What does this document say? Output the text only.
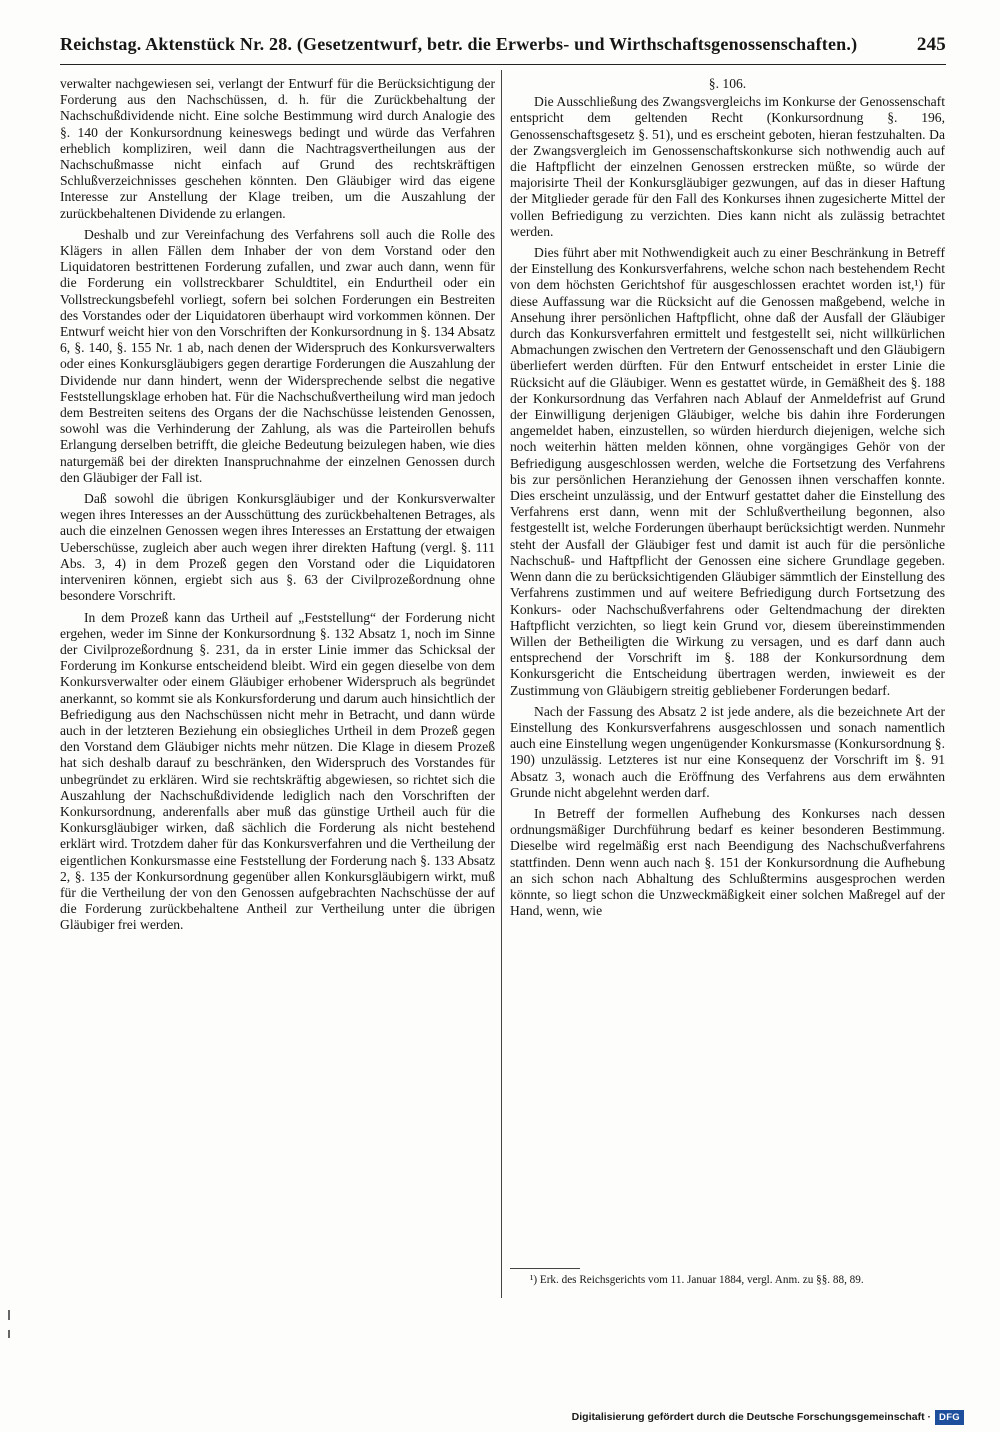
Reichstag. Aktenstück Nr. 28. (Gesetzentwurf, betr. die Erwerbs- und Wirthschaftsgenossenschaften.)	245

verwalter nachgewiesen sei, verlangt der Entwurf für die Berücksichtigung der Forderung aus den Nachschüssen, d. h. für die Zurückbehaltung der Nachschußdividende nicht. Eine solche Bestimmung wird durch Analogie des §. 140 der Konkursordnung keineswegs bedingt und würde das Verfahren erheblich kompliziren, weil dann die Nachtragsvertheilungen aus der Nachschußmasse nicht einfach auf Grund des rechtskräftigen Schlußverzeichnisses geschehen könnten. Den Gläubiger wird das eigene Interesse zur Anstellung der Klage treiben, um die Auszahlung der zurückbehaltenen Dividende zu erlangen.

Deshalb und zur Vereinfachung des Verfahrens soll auch die Rolle des Klägers in allen Fällen dem Inhaber der von dem Vorstand oder den Liquidatoren bestrittenen Forderung zufallen, und zwar auch dann, wenn für die Forderung ein vollstreckbarer Schuldtitel, ein Endurtheil oder ein Vollstreckungsbefehl vorliegt, sofern bei solchen Forderungen ein Bestreiten des Vorstandes oder der Liquidatoren überhaupt wird vorkommen können. Der Entwurf weicht hier von den Vorschriften der Konkursordnung in §. 134 Absatz 6, §. 140, §. 155 Nr. 1 ab, nach denen der Widerspruch des Konkursverwalters oder eines Konkursgläubigers gegen derartige Forderungen die Auszahlung der Dividende nur dann hindert, wenn der Widersprechende selbst die negative Feststellungsklage erhoben hat. Für die Nachschußvertheilung wird man jedoch dem Bestreiten seitens des Organs der die Nachschüsse leistenden Genossen, sowohl was die Verhinderung der Zahlung, als was die Parteirollen behufs Erlangung derselben betrifft, die gleiche Bedeutung beizulegen haben, wie dies naturgemäß bei der direkten Inanspruchnahme der einzelnen Genossen durch den Gläubiger der Fall ist.

Daß sowohl die übrigen Konkursgläubiger und der Konkursverwalter wegen ihres Interesses an der Ausschüttung des zurückbehaltenen Betrages, als auch die einzelnen Genossen wegen ihres Interesses an Erstattung der etwaigen Ueberschüsse, zugleich aber auch wegen ihrer direkten Haftung (vergl. §. 111 Abs. 3, 4) in dem Prozeß gegen den Vorstand oder die Liquidatoren interveniren können, ergiebt sich aus §. 63 der Civilprozeßordnung ohne besondere Vorschrift.

In dem Prozeß kann das Urtheil auf „Feststellung“ der Forderung nicht ergehen, weder im Sinne der Konkursordnung §. 132 Absatz 1, noch im Sinne der Civilprozeßordnung §. 231, da in erster Linie immer das Schicksal der Forderung im Konkurse entscheidend bleibt. Wird ein gegen dieselbe von dem Konkursverwalter oder einem Gläubiger erhobener Widerspruch als begründet anerkannt, so kommt sie als Konkursforderung und darum auch hinsichtlich der Befriedigung aus den Nachschüssen nicht mehr in Betracht, und dann würde auch in der letzteren Beziehung ein obsiegliches Urtheil in dem Prozeß gegen den Vorstand dem Gläubiger nichts mehr nützen. Die Klage in diesem Prozeß hat sich deshalb darauf zu beschränken, den Widerspruch des Vorstandes für unbegründet zu erklären. Wird sie rechtskräftig abgewiesen, so richtet sich die Auszahlung der Nachschußdividende lediglich nach den Vorschriften der Konkursordnung, anderenfalls aber muß das günstige Urtheil auch für die Konkursgläubiger wirken, daß sächlich die Forderung als nicht bestehend erklärt wird. Trotzdem daher für das Konkursverfahren und die Vertheilung der eigentlichen Konkursmasse eine Feststellung der Forderung nach §. 133 Absatz 2, §. 135 der Konkursordnung gegenüber allen Konkursgläubigern wirkt, muß für die Vertheilung der von den Genossen aufgebrachten Nachschüsse der auf die Forderung zurückbehaltene Antheil zur Vertheilung unter die übrigen Gläubiger frei werden.

§. 106.

Die Ausschließung des Zwangsvergleichs im Konkurse der Genossenschaft entspricht dem geltenden Recht (Konkursordnung §. 196, Genossenschaftsgesetz §. 51), und es erscheint geboten, hieran festzuhalten. Da der Zwangsvergleich im Genossenschaftskonkurse sich nothwendig auch auf die Haftpflicht der einzelnen Genossen erstrecken müßte, so würde der majorisirte Theil der Konkursgläubiger gezwungen, auf das in dieser Haftung der Mitglieder gerade für den Fall des Konkurses ihnen zugesicherte Mittel der vollen Befriedigung zu verzichten. Dies kann nicht als zulässig betrachtet werden.

Dies führt aber mit Nothwendigkeit auch zu einer Beschränkung in Betreff der Einstellung des Konkursverfahrens, welche schon nach bestehendem Recht von dem höchsten Gerichtshof für ausgeschlossen erachtet worden ist,¹) für diese Auffassung war die Rücksicht auf die Genossen maßgebend, welche in Ansehung ihrer persönlichen Haftpflicht, ohne daß der Ausfall der Gläubiger durch das Konkursverfahren ermittelt und festgestellt sei, nicht willkürlichen Abmachungen zwischen den Vertretern der Genossenschaft und den Gläubigern überliefert werden dürften. Für den Entwurf entscheidet in erster Linie die Rücksicht auf die Gläubiger. Wenn es gestattet würde, in Gemäßheit des §. 188 der Konkursordnung das Verfahren nach Ablauf der Anmeldefrist auf Grund der Einwilligung derjenigen Gläubiger, welche bis dahin ihre Forderungen angemeldet haben, einzustellen, so würden hierdurch diejenigen, welche sich noch weiterhin hätten melden können, ohne vorgängiges Gehör von der Befriedigung ausgeschlossen werden, welche die Fortsetzung des Verfahrens bis zur persönlichen Heranziehung der Genossen ihnen verschaffen konnte. Dies erscheint unzulässig, und der Entwurf gestattet daher die Einstellung des Verfahrens erst dann, wenn mit der Schlußvertheilung begonnen, also festgestellt ist, welche Forderungen überhaupt berücksichtigt werden. Nunmehr steht der Ausfall der Gläubiger fest und damit ist auch für die persönliche Nachschuß- und Haftpflicht der Genossen eine sichere Grundlage gegeben. Wenn dann die zu berücksichtigenden Gläubiger sämmtlich der Einstellung des Verfahrens zustimmen und auf weitere Befriedigung durch Fortsetzung des Konkurs- oder Nachschußverfahrens oder Geltendmachung der direkten Haftpflicht verzichten, so liegt kein Grund vor, diesem übereinstimmenden Willen der Betheiligten die Wirkung zu versagen, und es darf dann auch entsprechend der Vorschrift im §. 188 der Konkursordnung dem Konkursgericht die Entscheidung übertragen werden, inwieweit es der Zustimmung von Gläubigern streitig gebliebener Forderungen bedarf.

Nach der Fassung des Absatz 2 ist jede andere, als die bezeichnete Art der Einstellung des Konkursverfahrens ausgeschlossen und sonach namentlich auch eine Einstellung wegen ungenügender Konkursmasse (Konkursordnung §. 190) unzulässig. Letzteres ist nur eine Konsequenz der Vorschrift im §. 91 Absatz 3, wonach auch die Eröffnung des Verfahrens aus dem erwähnten Grunde nicht abgelehnt werden darf.

In Betreff der formellen Aufhebung des Konkurses nach dessen ordnungsmäßiger Durchführung bedarf es keiner besonderen Bestimmung. Dieselbe wird regelmäßig erst nach Beendigung des Nachschußverfahrens stattfinden. Denn wenn auch nach §. 151 der Konkursordnung die Aufhebung an sich schon nach Abhaltung des Schlußtermins ausgesprochen werden könnte, so liegt schon die Unzweckmäßigkeit einer solchen Maßregel auf der Hand, wenn, wie

¹) Erk. des Reichsgerichts vom 11. Januar 1884, vergl. Anm. zu §§. 88, 89.

Digitalisierung gefördert durch die Deutsche Forschungsgemeinschaft · DFG
